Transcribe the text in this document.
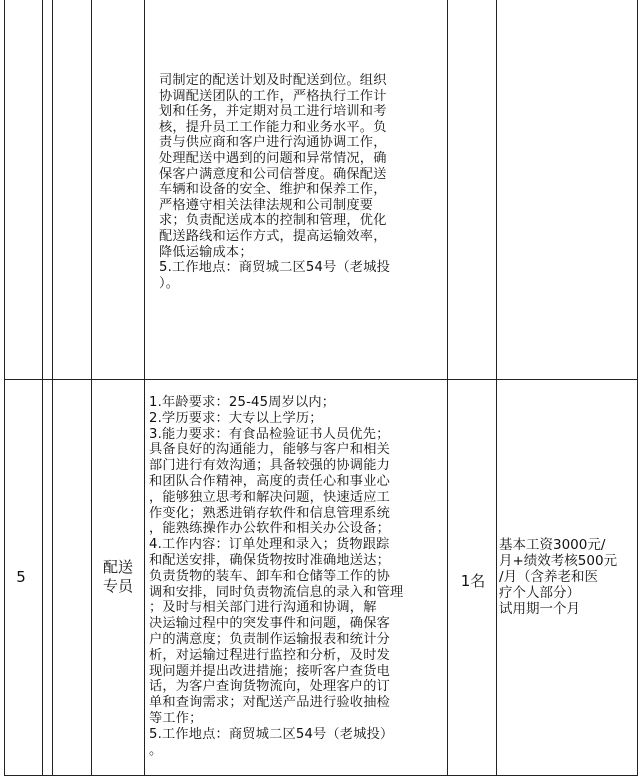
司制定的配送计划及时配送到位。组织
协调配送团队的工作，严格执行工作计
划和任务，并定期对员工进行培训和考
核，提升员工工作能力和业务水平。负
责与供应商和客户进行沟通协调工作，
处理配送中遇到的问题和异常情况，确
保客户满意度和公司信誉度。确保配送
车辆和设备的安全、维护和保养工作，
严格遵守相关法律法规和公司制度要
求；负责配送成本的控制和管理，优化
配送路线和运作方式，提高运输效率，
降低运输成本；
5.工作地点：商贸城二区54号（老城投
）。
5
配送
专员
1.年龄要求：25-45周岁以内；
2.学历要求：大专以上学历；
3.能力要求：有食品检验证书人员优先；
具备良好的沟通能力，能够与客户和相关
部门进行有效沟通；具备较强的协调能力
和团队合作精神，高度的责任心和事业心
，能够独立思考和解决问题，快速适应工
作变化；熟悉进销存软件和信息管理系统
，能熟练操作办公软件和相关办公设备；
4.工作内容：订单处理和录入；货物跟踪
和配送安排，确保货物按时准确地送达；
负责货物的装车、卸车和仓储等工作的协
调和安排，同时负责物流信息的录入和管理
；及时与相关部门进行沟通和协调，解
决运输过程中的突发事件和问题，确保客
户的满意度；负责制作运输报表和统计分
析，对运输过程进行监控和分析，及时发
现问题并提出改进措施；接听客户查货电
话，为客户查询货物流向，处理客户的订
单和查询需求；对配送产品进行验收抽检
等工作；
5.工作地点：商贸城二区54号（老城投）
。
1名
基本工资3000元/
月+绩效考核500元
/月（含养老和医
疗个人部分）
试用期一个月
